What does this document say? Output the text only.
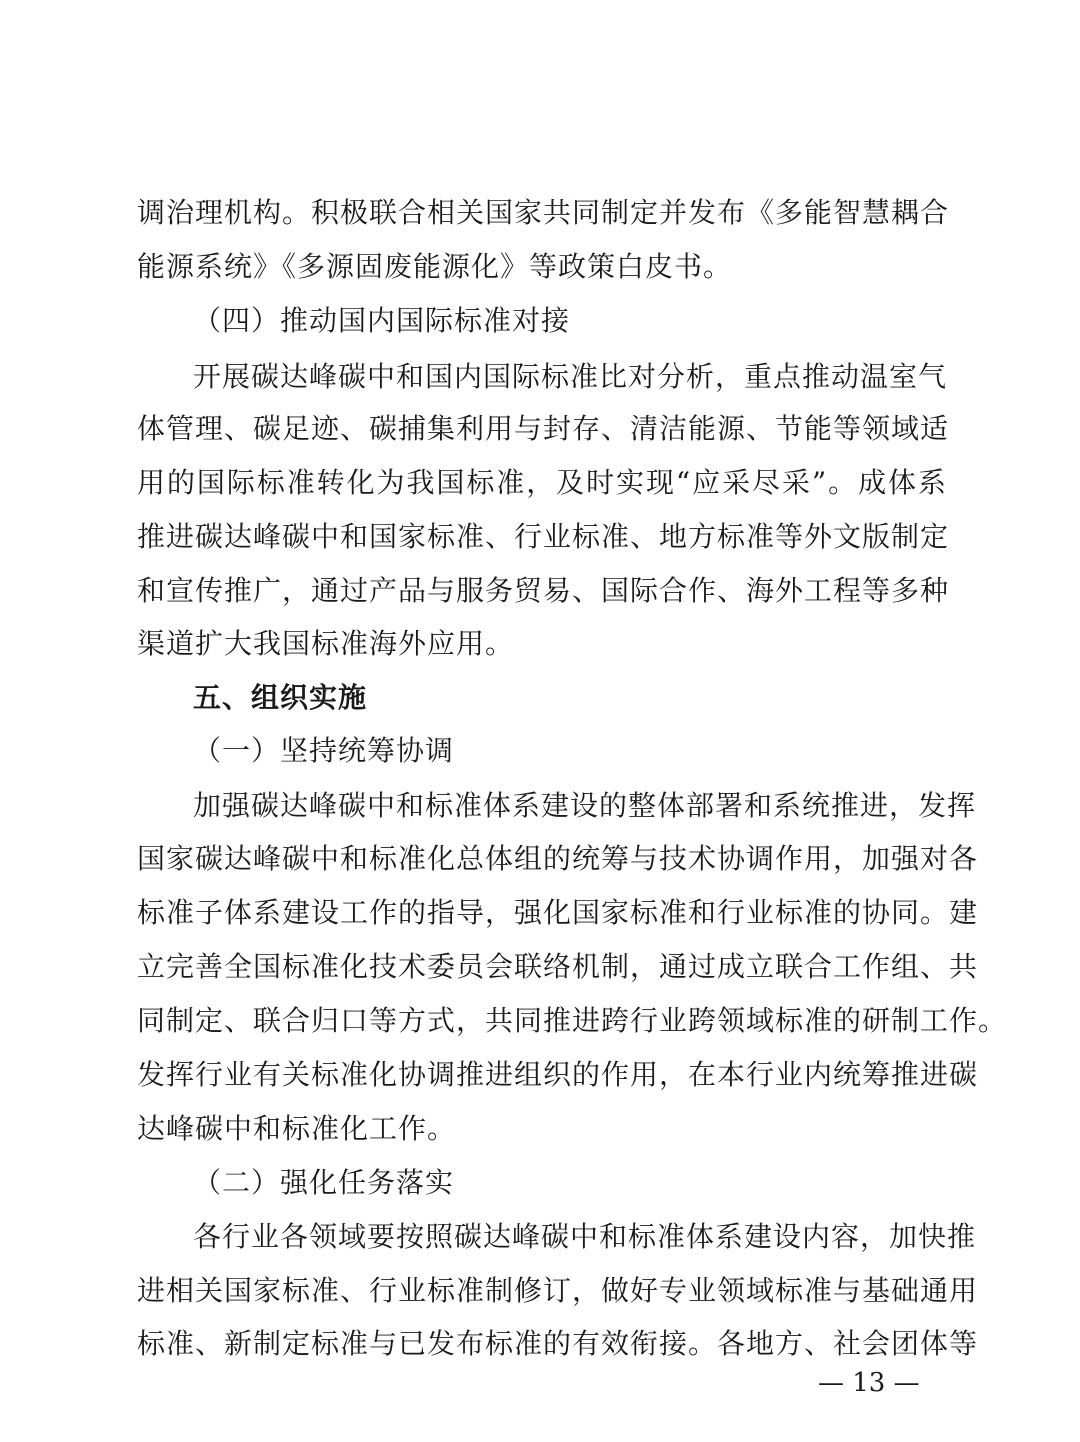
调治理机构。积极联合相关国家共同制定并发布《多能智慧耦合
能源系统》《多源固废能源化》等政策白皮书。
（四）推动国内国际标准对接
开展碳达峰碳中和国内国际标准比对分析，重点推动温室气
体管理、碳足迹、碳捕集利用与封存、清洁能源、节能等领域适
用的国际标准转化为我国标准，及时实现“应采尽采”。成体系
推进碳达峰碳中和国家标准、行业标准、地方标准等外文版制定
和宣传推广，通过产品与服务贸易、国际合作、海外工程等多种
渠道扩大我国标准海外应用。
五、组织实施
（一）坚持统筹协调
加强碳达峰碳中和标准体系建设的整体部署和系统推进，发挥
国家碳达峰碳中和标准化总体组的统筹与技术协调作用，加强对各
标准子体系建设工作的指导，强化国家标准和行业标准的协同。建
立完善全国标准化技术委员会联络机制，通过成立联合工作组、共
同制定、联合归口等方式，共同推进跨行业跨领域标准的研制工作。
发挥行业有关标准化协调推进组织的作用，在本行业内统筹推进碳
达峰碳中和标准化工作。
（二）强化任务落实
各行业各领域要按照碳达峰碳中和标准体系建设内容，加快推
进相关国家标准、行业标准制修订，做好专业领域标准与基础通用
标准、新制定标准与已发布标准的有效衔接。各地方、社会团体等
— 13 —
